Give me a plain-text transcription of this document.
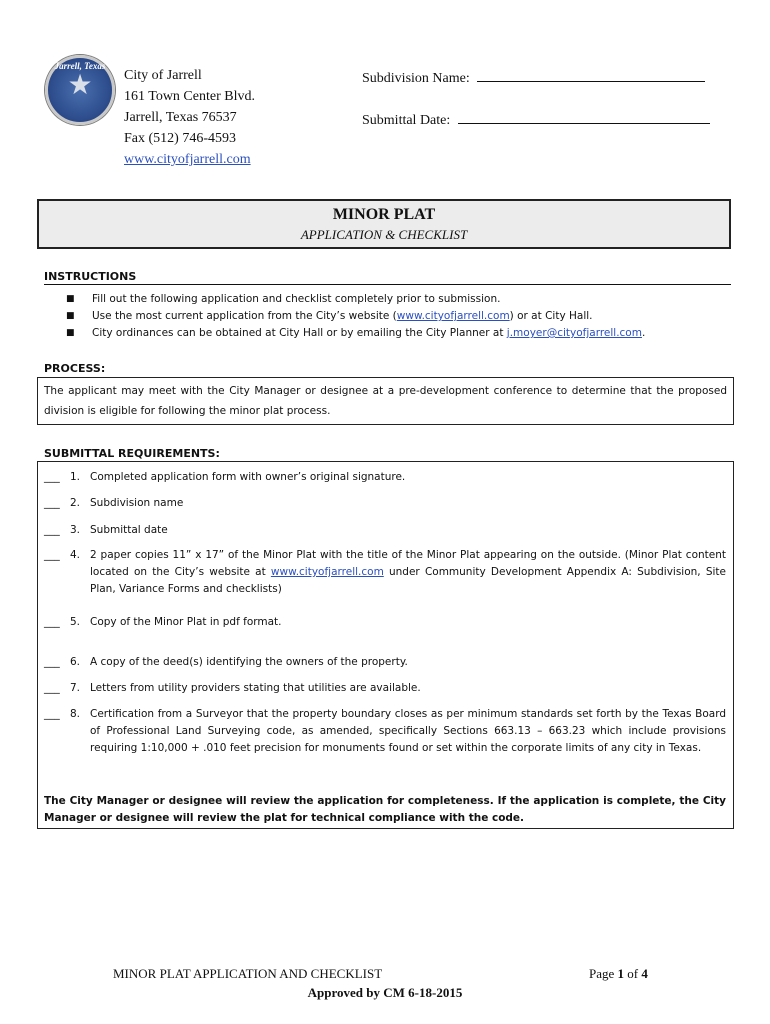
Jarrell, Texas
★	City of Jarrell
161 Town Center Blvd.
Jarrell, Texas 76537
Fax (512) 746-4593
www.cityofjarrell.com
Subdivision Name:
Submittal Date:
MINOR PLAT
APPLICATION & CHECKLIST
INSTRUCTIONS
■	Fill out the following application and checklist completely prior to submission.
■	Use the most current application from the City’s website (www.cityofjarrell.com) or at City Hall.
■	City ordinances can be obtained at City Hall or by emailing the City Planner at j.moyer@cityofjarrell.com.
PROCESS:
The applicant may meet with the City Manager or designee at a pre-development conference to determine that the proposed division is eligible for following the minor plat process.
SUBMITTAL REQUIREMENTS:
___ 1. Completed application form with owner’s original signature.
___ 2. Subdivision name
___ 3. Submittal date
___ 4. 2 paper copies 11” x 17” of the Minor Plat with the title of the Minor Plat appearing on the outside. (Minor Plat content located on the City’s website at www.cityofjarrell.com under Community Development Appendix A: Subdivision, Site Plan, Variance Forms and checklists)
___ 5. Copy of the Minor Plat in pdf format.
___ 6. A copy of the deed(s) identifying the owners of the property.
___ 7. Letters from utility providers stating that utilities are available.
___ 8. Certification from a Surveyor that the property boundary closes as per minimum standards set forth by the Texas Board of Professional Land Surveying code, as amended, specifically Sections 663.13 – 663.23 which include provisions requiring 1:10,000 + .010 feet precision for monuments found or set within the corporate limits of any city in Texas.
The City Manager or designee will review the application for completeness. If the application is complete, the City Manager or designee will review the plat for technical compliance with the code.
MINOR PLAT APPLICATION AND CHECKLIST	Page 1 of 4
Approved by CM 6-18-2015
